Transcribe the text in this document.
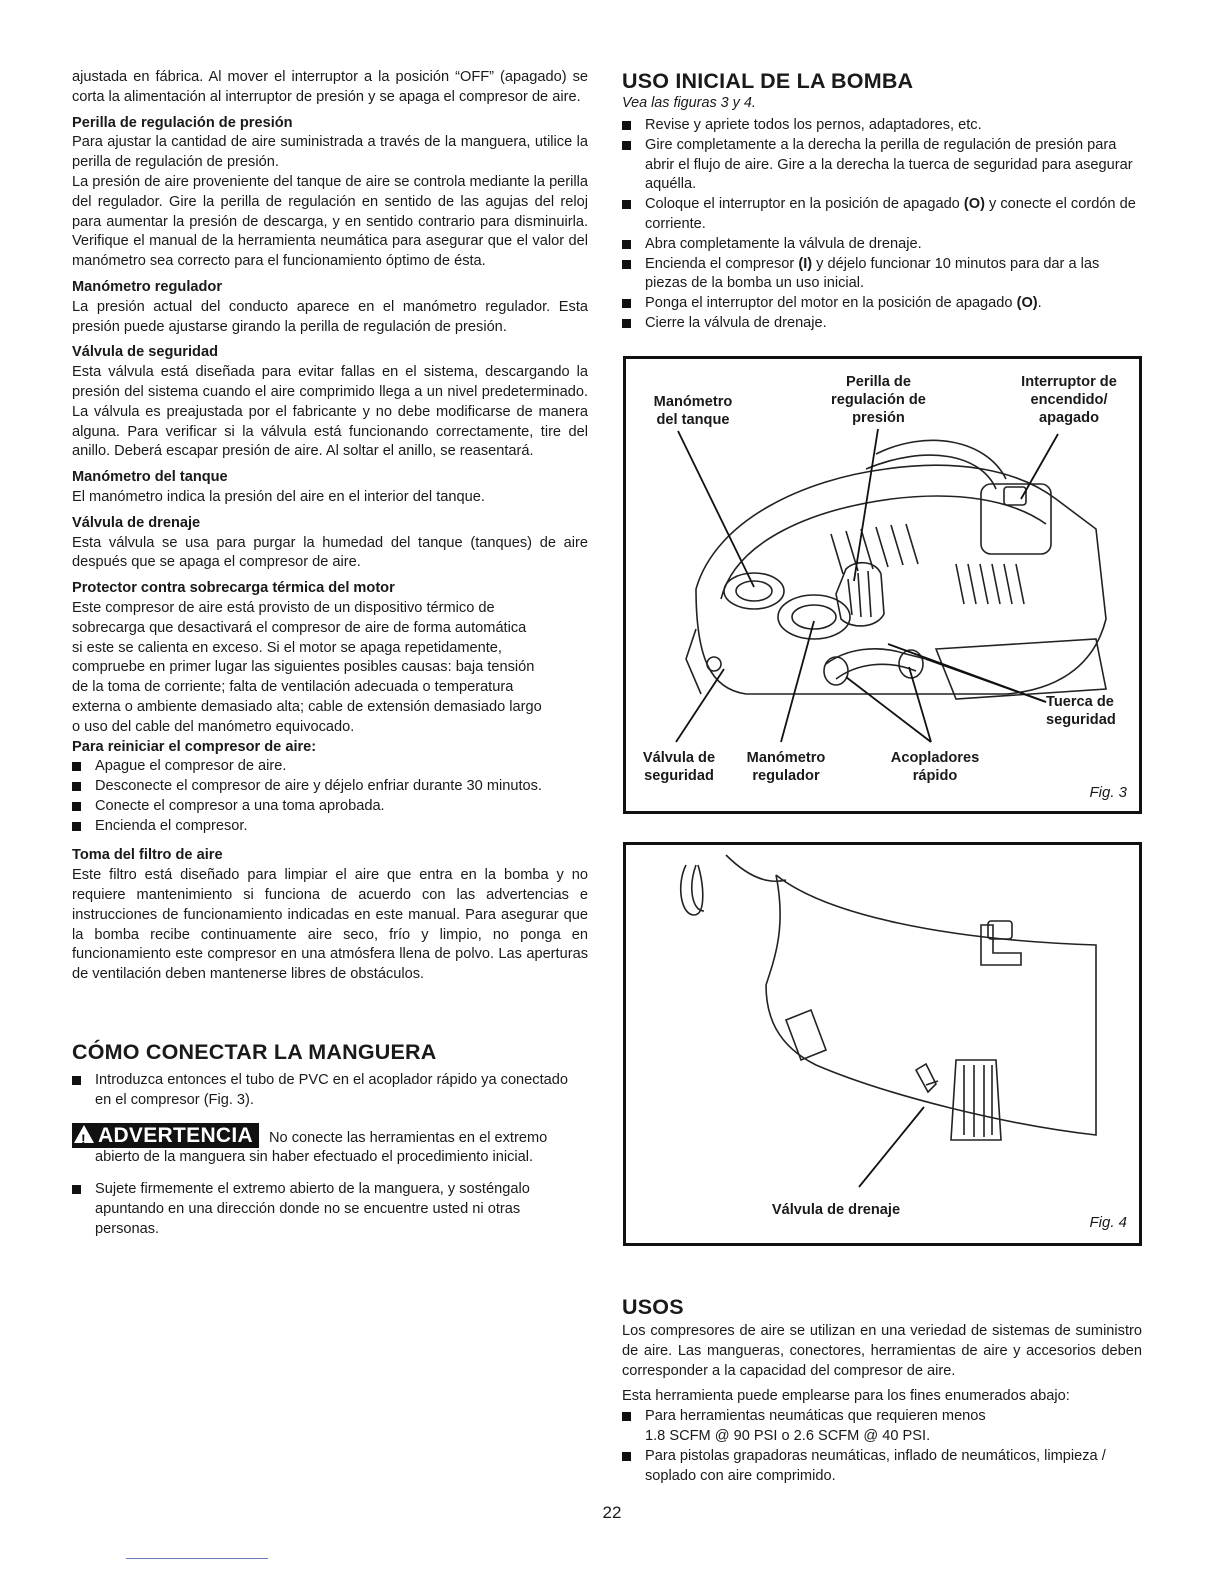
ajustada en fábrica. Al mover el interruptor a la posición “OFF” (apagado) se corta la alimentación al interruptor de presión y se apaga el compresor de aire.

Perilla de regulación de presión

Para ajustar la cantidad de aire suministrada a través de la manguera, utilice la perilla de regulación de presión.

La presión de aire proveniente del tanque de aire se controla mediante la perilla del regulador. Gire la perilla de regulación en sentido de las agujas del reloj para aumentar la presión de descarga, y en sentido contrario para disminuirla. Verifique el manual de la herramienta neumática para asegurar que el valor del manómetro sea correcto para el funcionamiento óptimo de ésta.

Manómetro regulador

La presión actual del conducto aparece en el manómetro regulador. Esta presión puede ajustarse girando la perilla de regulación de presión.

Válvula de seguridad

Esta válvula está diseñada para evitar fallas en el sistema, descargando la presión del sistema cuando el aire comprimido llega a un nivel predeterminado. La válvula es preajustada por el fabricante y no debe modificarse de manera alguna. Para verificar si la válvula está funcionando correctamente, tire del anillo. Deberá escapar presión de aire. Al soltar el anillo, se reasentará.

Manómetro del tanque

El manómetro indica la presión del aire en el interior del tanque.

Válvula de drenaje

Esta válvula se usa para purgar la humedad del tanque (tanques) de aire después que se apaga el compresor de aire.

Protector contra sobrecarga térmica del motor
Este compresor de aire está provisto de un dispositivo térmico de
sobrecarga que desactivará el compresor de aire de forma automática
si este se calienta en exceso. Si el motor se apaga repetidamente,
compruebe en primer lugar las siguientes posibles causas: baja tensión
de la toma de corriente; falta de ventilación adecuada o temperatura
externa o ambiente demasiado alta; cable de extensión demasiado largo
o uso del cable del manómetro equivocado.
Para reiniciar el compresor de aire:
Apague el compresor de aire.
Desconecte el compresor de aire y déjelo enfriar durante 30 minutos.
Conecte el compresor a una toma aprobada.
Encienda el compresor.
Toma del filtro de aire

Este filtro está diseñado para limpiar el aire que entra en la bomba y no requiere mantenimiento si funciona de acuerdo con las advertencias e instrucciones de funcionamiento indicadas en este manual. Para asegurar que la bomba recibe continuamente aire seco, frío y limpio, no ponga en funcionamiento este compresor en una atmósfera llena de polvo. Las aperturas de ventilación deben mantenerse libres de obstáculos.

CÓMO CONECTAR LA MANGUERA
Introduzca entonces el tubo de PVC en el acoplador rápido ya conectado en el compresor (Fig. 3).
!ADVERTENCIA No conecte las herramientas en el extremo abierto de la manguera sin haber efectuado el procedimiento inicial.
Sujete firmemente el extremo abierto de la manguera, y sosténgalo apuntando en una dirección donde no se encuentre usted ni otras personas.
USO INICIAL DE LA BOMBA
Vea las figuras 3 y 4.
Revise y apriete todos los pernos, adaptadores, etc.
Gire completamente a la derecha la perilla de regulación de presión para abrir el flujo de aire. Gire a la derecha la tuerca de seguridad para asegurar aquélla.
Coloque el interruptor en la posición de apagado (O) y conecte el cordón de corriente.
Abra completamente la válvula de drenaje.
Encienda el compresor (I) y déjelo funcionar 10 minutos para dar a las piezas de la bomba un uso inicial.
Ponga el interruptor del motor en la posición de apagado (O).
Cierre la válvula de drenaje.
Manómetro
del tanque
Perilla de
regulación de
presión
Interruptor de
encendido/
apagado
Tuerca de
seguridad
Válvula de
seguridad
Manómetro
regulador
Acopladores
rápido
Fig. 3
Válvula de drenaje
Fig. 4
USOS

Los compresores de aire se utilizan en una veriedad de sistemas de suministro de aire. Las mangueras, conectores, herramientas de aire y accesorios deben corresponder a la capacidad del compresor de aire.

Esta herramienta puede emplearse para los fines enumerados abajo:

Para herramientas neumáticas que requieren menos
1.8 SCFM @ 90 PSI o 2.6 SCFM @ 40 PSI.
Para pistolas grapadoras neumáticas, inflado de neumáticos, limpieza / soplado con aire comprimido.
22
